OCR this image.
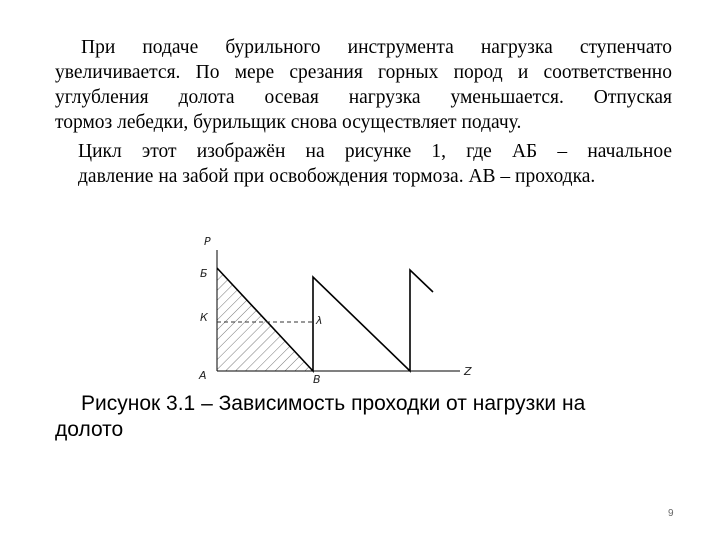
При подаче бурильного инструмента нагрузка ступенчато
увеличивается. По мере срезания горных пород и соответственно
углубления долота осевая нагрузка уменьшается. Отпуская
тормоз лебедки, бурильщик снова осуществляет подачу.
Цикл этот изображён на рисунке 1, где АБ – начальное
давление на забой при освобождения тормоза. АВ – проходка.
P
Z
Б
К
А	В
λ
Рисунок 3.1 – Зависимость проходки от нагрузки на
долото
9
